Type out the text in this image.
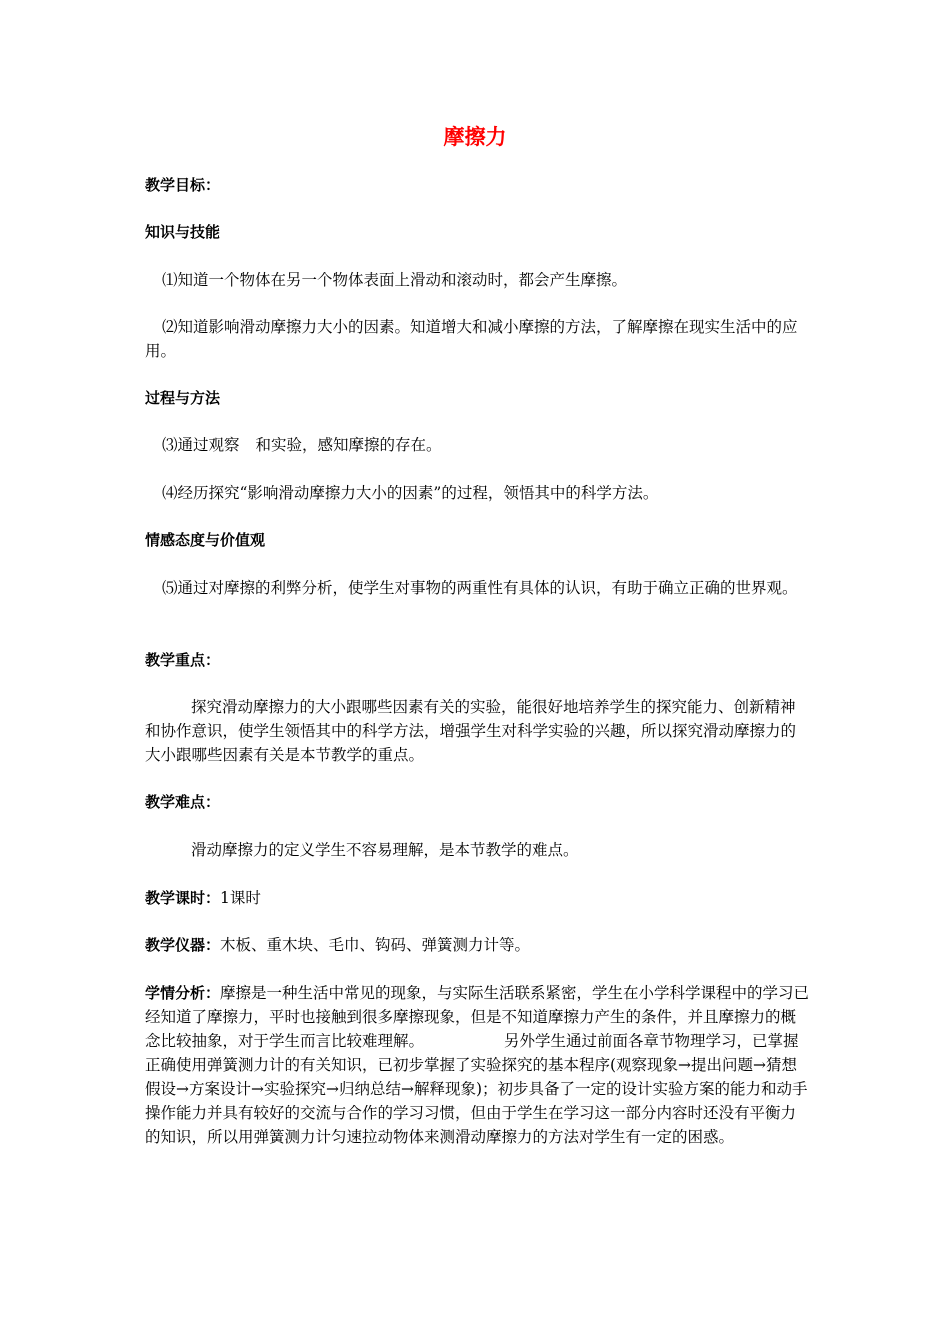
摩擦力

教学目标：

知识与技能

⑴知道一个物体在另一个物体表面上滑动和滚动时，都会产生摩擦。

⑵知道影响滑动摩擦力大小的因素。知道增大和减小摩擦的方法，了解摩擦在现实生活中的应用。

过程与方法

⑶通过观察 和实验，感知摩擦的存在。

⑷经历探究“影响滑动摩擦力大小的因素”的过程，领悟其中的科学方法。

情感态度与价值观

⑸通过对摩擦的利弊分析，使学生对事物的两重性有具体的认识，有助于确立正确的世界观。

教学重点：

探究滑动摩擦力的大小跟哪些因素有关的实验，能很好地培养学生的探究能力、创新精神和协作意识，使学生领悟其中的科学方法，增强学生对科学实验的兴趣，所以探究滑动摩擦力的大小跟哪些因素有关是本节教学的重点。

教学难点：

滑动摩擦力的定义学生不容易理解，是本节教学的难点。

教学课时：1课时

教学仪器：木板、重木块、毛巾、钩码、弹簧测力计等。

学情分析：摩擦是一种生活中常见的现象，与实际生活联系紧密，学生在小学科学课程中的学习已经知道了摩擦力，平时也接触到很多摩擦现象，但是不知道摩擦力产生的条件，并且摩擦力的概念比较抽象，对于学生而言比较难理解。	另外学生通过前面各章节物理学习，已掌握正确使用弹簧测力计的有关知识，已初步掌握了实验探究的基本程序(观察现象→提出问题→猜想假设→方案设计→实验探究→归纳总结→解释现象)；初步具备了一定的设计实验方案的能力和动手操作能力并具有较好的交流与合作的学习习惯，但由于学生在学习这一部分内容时还没有平衡力的知识，所以用弹簧测力计匀速拉动物体来测滑动摩擦力的方法对学生有一定的困惑。
